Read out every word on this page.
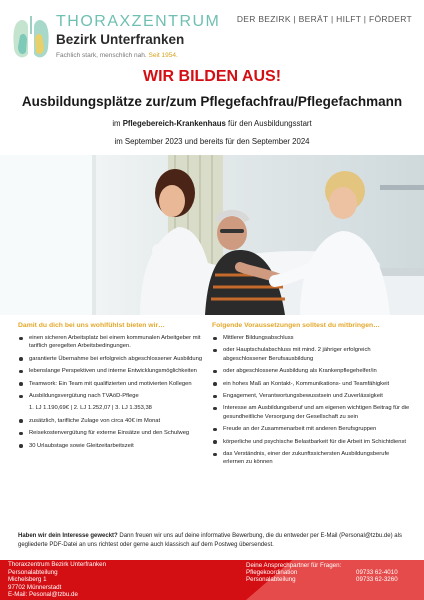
THORAXZENTRUM
Bezirk Unterfranken
Fachlich stark, menschlich nah. Seit 1954.
DER BEZIRK | BERÄT | HILFT | FÖRDERT
WIR BILDEN AUS!
Ausbildungsplätze zur/zum Pflegefachfrau/Pflegefachmann
im Pflegebereich-Krankenhaus für den Ausbildungsstart
im September 2023 und bereits für den September 2024
Damit du dich bei uns wohlfühlst bieten wir…
einen sicheren Arbeitsplatz bei einem kommunalen Arbeitgeber mit tariflich geregelten Arbeitsbedingungen.
garantierte Übernahme bei erfolgreich abgeschlossener Ausbildung
lebenslange Perspektiven und interne Entwicklungsmöglichkeiten
Teamwork: Ein Team mit qualifizierten und motivierten Kollegen
Ausbildungsvergütung nach TVAöD-Pflege
1. LJ 1.190,69€ | 2. LJ 1.252,07 | 3. LJ 1.353,38
zusätzlich, tarifliche Zulage von circa 40€ im Monat
Reisekostenvergütung für externe Einsätze und den Schulweg
30 Urlaubstage sowie Gleitzeitarbeitszeit
Folgende Voraussetzungen solltest du mitbringen…
Mittlerer Bildungsabschluss
oder Hauptschulabschluss mit mind. 2 jähriger erfolgreich abgeschlossener Berufsausbildung
oder abgeschlossene Ausbildung als Krankenpflegehelfer/in
ein hohes Maß an Kontakt-, Kommunikations- und Teamfähigkeit
Engagement, Verantwortungsbewusstsein und Zuverlässigkeit
Interesse am Ausbildungsberuf und am eigenen wichtigen Beitrag für die gesundheitliche Versorgung der Gesellschaft zu sein
Freude an der Zusammenarbeit mit anderen Berufsgruppen
körperliche und psychische Belastbarkeit für die Arbeit im Schichtdienst
das Verständnis, einer der zukunftssichersten Ausbildungsberufe erlernen zu können
Haben wir dein Interesse geweckt? Dann freuen wir uns auf deine informative Bewerbung, die du entweder per E-Mail (Personal@tzbu.de) als gegliederte PDF-Datei an uns richtest oder gerne auch klassisch auf dem Postweg übersendest.
Thoraxzentrum Bezirk Unterfranken
Personalabteilung
Michelsberg 1
97702 Münnerstadt
E-Mail: Pesonal@tzbu.de
Deine Ansprechpartner für Fragen:
Pflegekoordination	09733 62-4010
Personalabteilung	09733 62-3260
